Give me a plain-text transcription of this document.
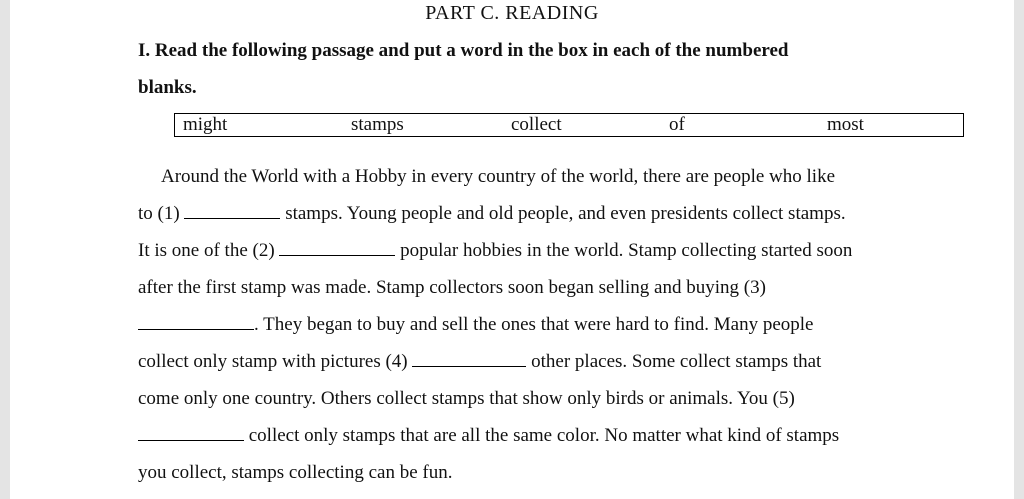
PART C. READING
I. Read the following passage and put a word in the box in each of the numbered
blanks.
might	stamps	collect	of	most
Around the World with a Hobby in every country of the world, there are people who like
to (1)	stamps. Young people and old people, and even presidents collect stamps.
It is one of the (2)	popular hobbies in the world. Stamp collecting started soon
after the first stamp was made. Stamp collectors soon began selling and buying (3)
. They began to buy and sell the ones that were hard to find. Many people
collect only stamp with pictures (4)	other places. Some collect stamps that
come only one country. Others collect stamps that show only birds or animals. You (5)
collect only stamps that are all the same color. No matter what kind of stamps
you collect, stamps collecting can be fun.
